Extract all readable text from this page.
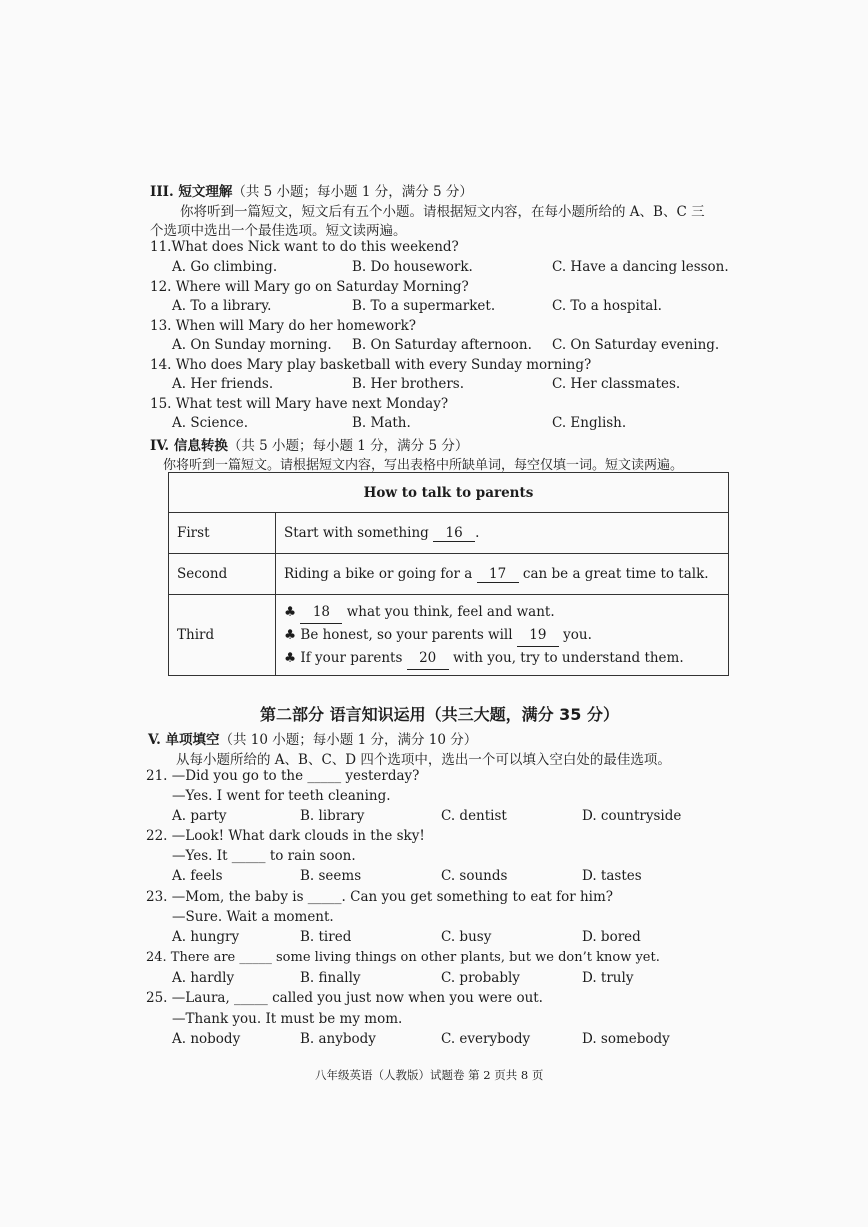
III. 短文理解（共 5 小题；每小题 1 分，满分 5 分）
你将听到一篇短文，短文后有五个小题。请根据短文内容，在每小题所给的 A、B、C 三
个选项中选出一个最佳选项。短文读两遍。
11.What does Nick want to do this weekend?
A. Go climbing.	B. Do housework.	C. Have a dancing lesson.
12. Where will Mary go on Saturday Morning?
A. To a library.	B. To a supermarket.	C. To a hospital.
13. When will Mary do her homework?
A. On Sunday morning. B. On Saturday afternoon. C. On Saturday evening.
14. Who does Mary play basketball with every Sunday morning?
A. Her friends.	B. Her brothers.	C. Her classmates.
15. What test will Mary have next Monday?
A. Science.	B. Math.	C. English.
IV. 信息转换（共 5 小题；每小题 1 分，满分 5 分）
你将听到一篇短文。请根据短文内容，写出表格中所缺单词，每空仅填一词。短文读两遍。
How to talk to parents	
First	Start with something 16 .
Second	Riding a bike or going for a 17 can be a great time to talk.
Third	♣ 18 what you think, feel and want.
♣ Be honest, so your parents will 19 you.
♣ If your parents 20 with you, try to understand them.
第二部分 语言知识运用（共三大题，满分 35 分）
V. 单项填空（共 10 小题；每小题 1 分，满分 10 分）
从每小题所给的 A、B、C、D 四个选项中，选出一个可以填入空白处的最佳选项。
21. —Did you go to the _____ yesterday?
—Yes. I went for teeth cleaning.
A. party	B. library	C. dentist	D. countryside
22. —Look! What dark clouds in the sky!
—Yes. It _____ to rain soon.
A. feels	B. seems	C. sounds	D. tastes
23. —Mom, the baby is _____. Can you get something to eat for him?
—Sure. Wait a moment.
A. hungry	B. tired	C. busy	D. bored
24. There are _____ some living things on other plants, but we don’t know yet.
A. hardly	B. finally	C. probably	D. truly
25. —Laura, _____ called you just now when you were out.
—Thank you. It must be my mom.
A. nobody	B. anybody	C. everybody	D. somebody
八年级英语（人教版）试题卷 第 2 页共 8 页
